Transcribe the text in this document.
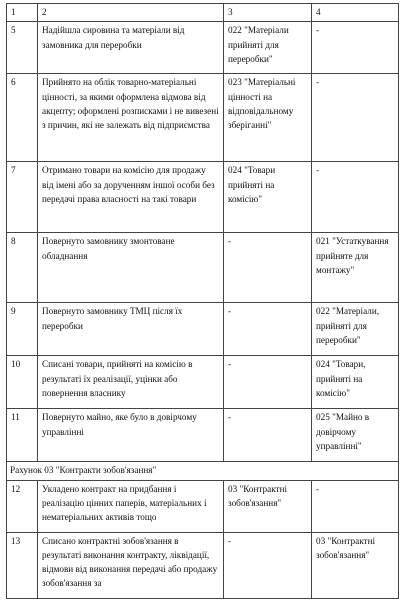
1	2	3	4
5	Надійшла сировина та матеріали від замовника для переробки	022 "Матеріали прийняті для переробки"	-
6	Прийнято на облік товарно-матеріальні цінності, за якими оформлена відмова від акцепту; оформлені розписками і не вивезені з причин, які не залежать від підприємства	023 "Матеріальні цінності на відповідальному зберіганні"	-
7	Отримано товари на комісію для продажу від імені або за дорученням іншої особи без передачі права власності на такі товари	024 "Товари прийняті на комісію"	-
8	Повернуто замовнику змонтоване обладнання	-	021 "Устаткування прийняте для монтажу"
9	Повернуто замовнику ТМЦ після їх переробки	-	022 "Матеріали, прийняті для переробки"
10	Списані товари, прийняті на комісію в результаті їх реалізації, уцінки або повернення власнику	-	024 "Товари, прийняті на комісію"
11	Повернуто майно, яке було в довірчому управлінні	-	025 "Майно в довірчому управлінні"
Рахунок 03 "Контракти зобов'язання"			
12	Укладено контракт на придбання і реалізацію цінних паперів, матеріальних і нематеріальних активів тощо	03 "Контрактні зобов'язання"	-
13	Списано контрактні зобов'язання в результаті виконання контракту, ліквідації, відмови від виконання передачі або продажу зобов'язання за	-	03 "Контрактні зобов'язання"
